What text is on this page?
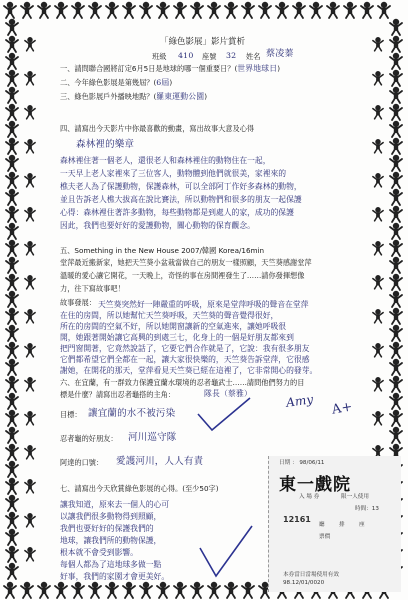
「綠色影展」影片賞析
班級 410 座號 32 姓名 蔡凌蓁
一、請問聯合國將訂定6月5日是地球的哪一個重要日？(世界地球日)
二、今年綠色影展是第幾屆？(6屆)
三、綠色影展戶外播映地點？(羅東運動公園)
四、請寫出今天影片中你最喜歡的動畫，寫出故事大意及心得
森林裡的樂章
森林裡住著一個老人，還很老人和森林裡住的動物住在一起，
一天早上老人家裡來了三位客人，動物體到他們就很美，家裡來的
樵夫老人為了保護動物，保護森林，可以全部阿丁作好多森林的動物，
並且告訴老人樵大拔高在說比賽法，所以動物們和很多的朋友一起保護
心得：森林裡住著許多動物，每些動物都是到處人的家，成功的保護
因此，我們也要好好的愛護動物，關心動物的保育觀念。
五、Something in the New House 2007/韓國 Korea/16min
堂萍最近搬新家，她把天竺葵小盆栽當做自己的朋友一樣照顧，天竺葵感謝堂萍
溫暖的愛心讓它開花，一天晚上，奇怪的事在房間裡發生了……請你發揮想像
力，往下寫故事吧！
故事發展： 天竺葵突然好一陣嚴重的呼吸，原來是堂萍呼吸的聲音在堂萍
在住的房間，所以她幫忙天竺葵呼吸，天竺葵的聲音覺得很好，
所在的房間的空氣不好，所以她開窗讓新的空氣進來，讓她呼吸很
開，她跟著開始讓它高興的到處三七，化身上的一個是好朋友都來到
把門窗開著，它竟然說話了，它要它們合作就是了，它說：我有很多朋友
它們都希望它們全都在一起，讓大家很快樂的，天竺葵告訴堂萍，它很感
謝她，在開花的那天，堂萍看見天竺葵已經在這裡了，它非常開心的發芽。
六、在宜蘭，有一群致力保護宜蘭水環境的忍者龜武士……請問他們努力的目
標是什麼？請寫出忍者龜搭的主角：	隊長（蔡雅）
目標： 讓宜蘭的水不被污染
忍者龜的好朋友： 河川巡守隊
阿達的口號： 愛護河川，人人有責
七、請寫出今天欣賞綠色影展的心得。(至少50字)
讓我知道，原來去一個人的心可
以讓我們很多動物得到照顧，
我們也要好好的保護我們的
地球，讓我們所的動物保護，
根本就不會受到影響。
每個人都為了這地球多做一點
好事，我們的家園才會更美好。
Amy A+
日期 ： 98/06/11
東一戲院
入 場 券	限一人使用
時間：13
12161
廳	排	座
票價
本券當日當場使用有效
98.12/01/0020
